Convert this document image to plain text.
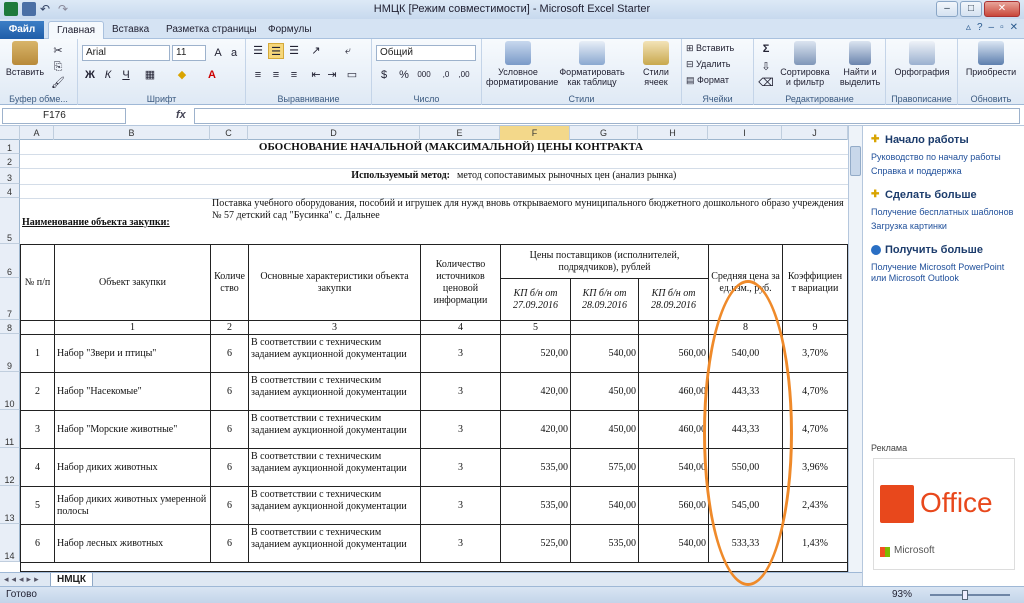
↶ ↷	НМЦК [Режим совместимости] - Microsoft Excel Starter	–	□	✕
Файл	Главная	Вставка	Разметка страницы	Формулы	▵ ? – ▫ ✕
Вставить
✂
⎘
🖌
Буфер обме...
Arial	11	A a
Ж К	Ч	▦	◆	A
Шрифт
☰ ☰ ☰	↗	⤶
≡	≡	≡	⇤ ⇥ ▭
Выравнивание
Общий
$	%	000	,0	,00
Число
Условное форматирование
Форматировать как таблицу
Стили ячеек
Стили
⊞ Вставить
⊟ Удалить
▤ Формат
Ячейки
Σ
⇩
⌫
Сортировка и фильтр
Найти и выделить
Редактирование
Орфография
Правописание
Приобрести
Обновить
F176	fx
A	B	C	D	E	F	G	H	I	J
1
2
3
4
5
6
7
8
9
10
11
12
13
14
ОБОСНОВАНИЕ НАЧАЛЬНОЙ (МАКСИМАЛЬНОЙ) ЦЕНЫ КОНТРАКТА
Используемый метод: метод сопоставимых рыночных цен (анализ рынка)
Наименование объекта закупки:
Поставка учебного оборудования, пособий и игрушек для нужд вновь открываемого муниципального бюджетного дошкольного образо учреждения № 57 детский сад "Бусинка" с. Дальнее
№ п/п	Объект закупки
Количе ство
Основные характеристики объекта закупки
Количество источников ценовой информации
Цены поставщиков (исполнителей, подрядчиков), рублей
КП б/н от 27.09.2016
КП б/н от 28.09.2016
КП б/н от 28.09.2016
Средняя цена за ед.изм., руб.
Коэффициен т вариации
1	2	3	4	5	8	9
1	Набор "Звери и птицы"	6
В соответствии с техническим заданием аукционной документации	3	520,00	540,00	560,00	540,00	3,70%
2	Набор "Насекомые"	6
В соответствии с техническим заданием аукционной документации	3	420,00	450,00	460,00	443,33	4,70%
3	Набор "Морские животные"	6
В соответствии с техническим заданием аукционной документации	3	420,00	450,00	460,00	443,33	4,70%
4	Набор диких животных	6
В соответствии с техническим заданием аукционной документации	3	535,00	575,00	540,00	550,00	3,96%
5
Набор диких животных умеренной полосы
6
В соответствии с техническим заданием аукционной документации	3	535,00	540,00	560,00	545,00	2,43%
6	Набор лесных животных	6
В соответствии с техническим заданием аукционной документации	3	525,00	535,00	540,00	533,33	1,43%
✚ Начало работы
Руководство по началу работы
Справка и поддержка
✚ Сделать больше
Получение бесплатных шаблонов
Загрузка картинки
Получить больше
Получение Microsoft PowerPoint или Microsoft Outlook
Реклама
Office
Microsoft
◂◂◂▸▸	НМЦК
Готово	93%
